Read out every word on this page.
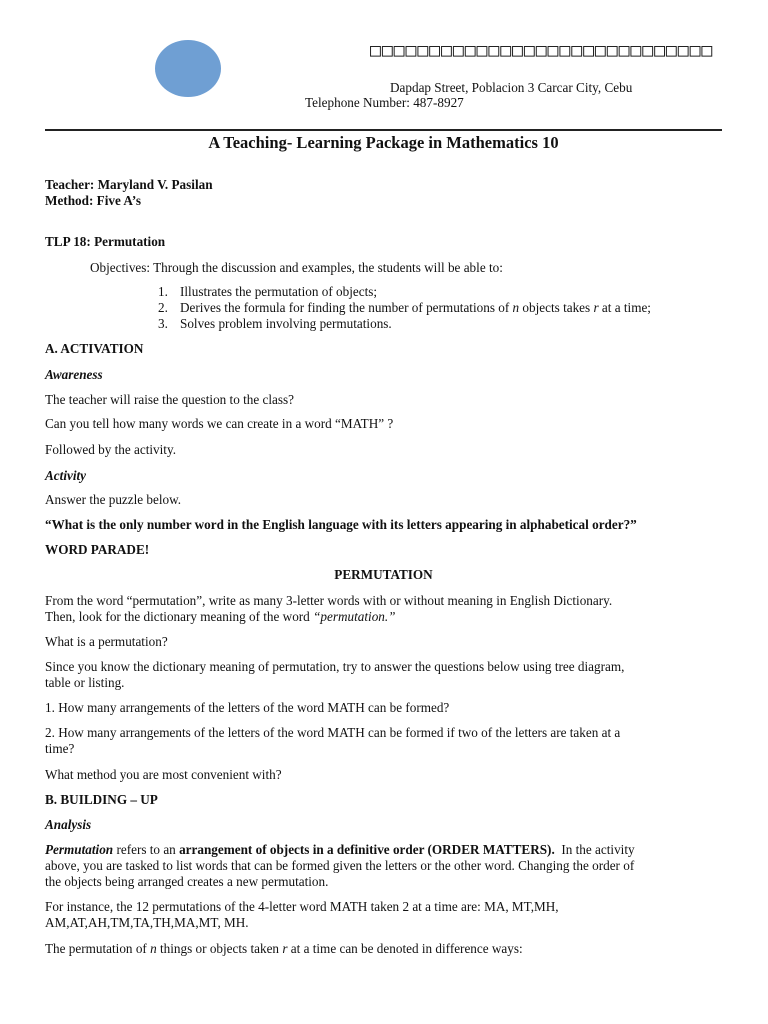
□□□□□□□□□□□□□□□□□□□□□□□□□□□□□
Dapdap Street, Poblacion 3 Carcar City, Cebu
Telephone Number: 487-8927
A Teaching- Learning Package in Mathematics 10

Teacher: Maryland V. Pasilan

Method: Five A’s

TLP 18: Permutation

Objectives: Through the discussion and examples, the students will be able to:

1. Illustrates the permutation of objects;

2. Derives the formula for finding the number of permutations of n objects takes r at a time;

3. Solves problem involving permutations.

A. ACTIVATION

Awareness

The teacher will raise the question to the class?

Can you tell how many words we can create in a word “MATH” ?

Followed by the activity.

Activity

Answer the puzzle below.

“What is the only number word in the English language with its letters appearing in alphabetical order?”

WORD PARADE!

PERMUTATION

From the word “permutation”, write as many 3-letter words with or without meaning in English Dictionary.

Then, look for the dictionary meaning of the word “permutation.”

What is a permutation?

Since you know the dictionary meaning of permutation, try to answer the questions below using tree diagram,

table or listing.

1. How many arrangements of the letters of the word MATH can be formed?

2. How many arrangements of the letters of the word MATH can be formed if two of the letters are taken at a

time?

What method you are most convenient with?

B. BUILDING – UP

Analysis

Permutation refers to an arrangement of objects in a definitive order (ORDER MATTERS).  In the activity

above, you are tasked to list words that can be formed given the letters or the other word. Changing the order of

the objects being arranged creates a new permutation.

For instance, the 12 permutations of the 4-letter word MATH taken 2 at a time are: MA, MT,MH,

AM,AT,AH,TM,TA,TH,MA,MT, MH.

The permutation of n things or objects taken r at a time can be denoted in difference ways:
